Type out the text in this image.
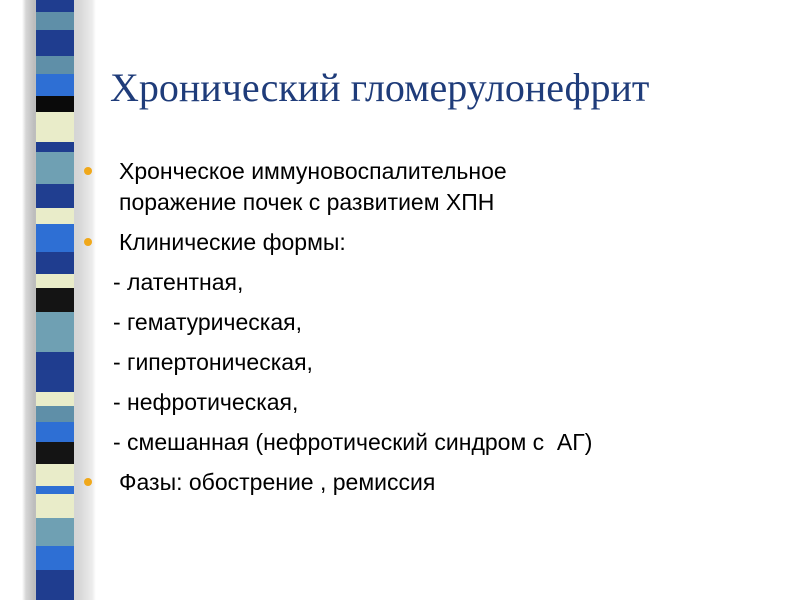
Хронический гломерулонефрит
Хронческое иммуновоспалительное
поражение почек с развитием ХПН
Клинические формы:
- латентная,
- гематурическая,
- гипертоническая,
- нефротическая,
- смешанная (нефротический синдром с  АГ)
Фазы: обострение , ремиссия
